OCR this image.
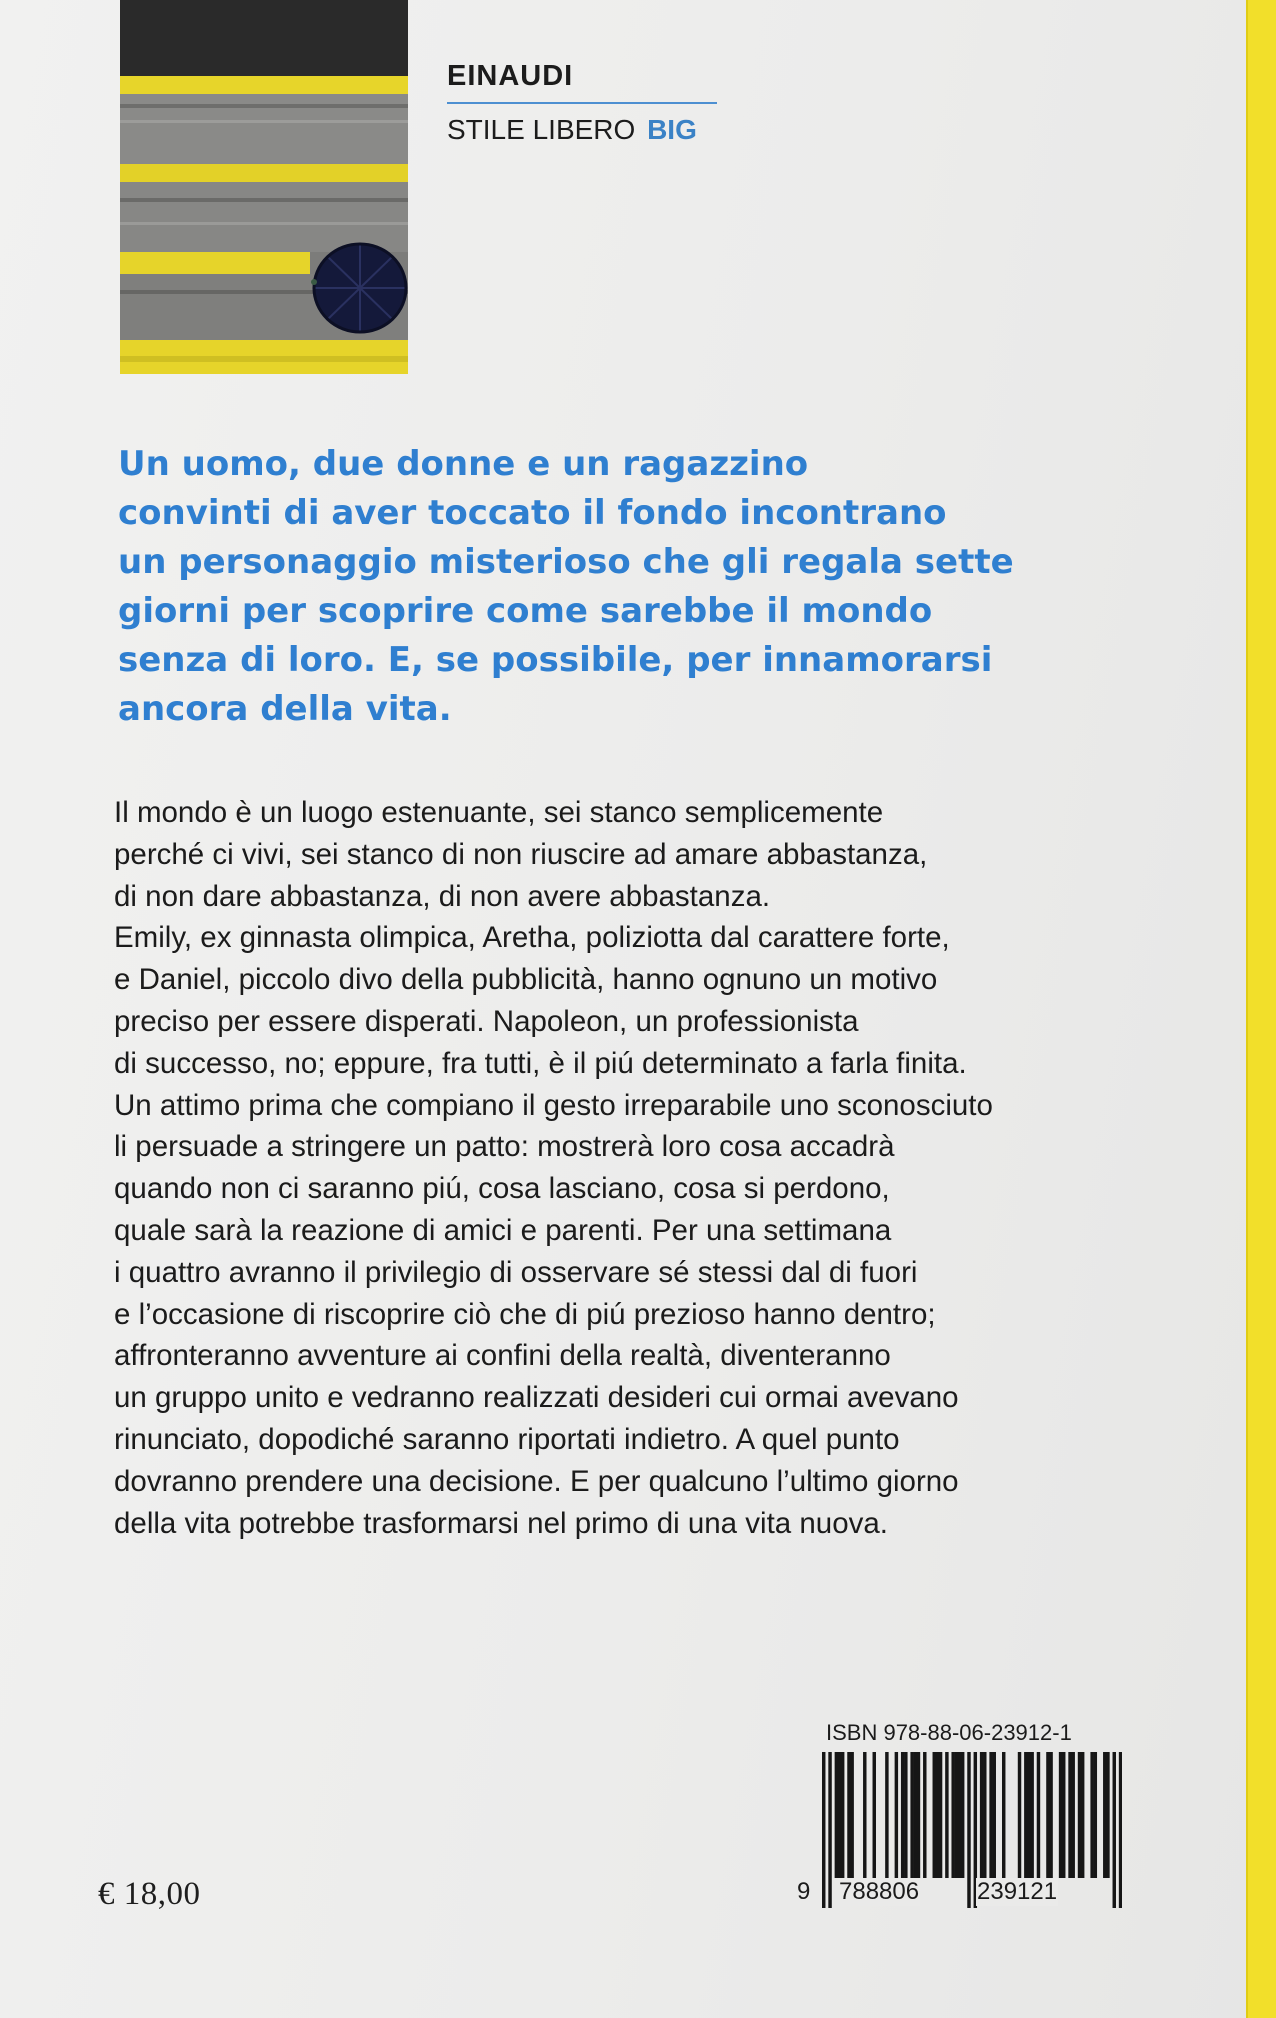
EINAUDI
STILE LIBERO BIG
Un uomo, due donne e un ragazzino
convinti di aver toccato il fondo incontrano
un personaggio misterioso che gli regala sette
giorni per scoprire come sarebbe il mondo
senza di loro. E, se possibile, per innamorarsi
ancora della vita.
Il mondo è un luogo estenuante, sei stanco semplicemente
perché ci vivi, sei stanco di non riuscire ad amare abbastanza,
di non dare abbastanza, di non avere abbastanza.
Emily, ex ginnasta olimpica, Aretha, poliziotta dal carattere forte,
e Daniel, piccolo divo della pubblicità, hanno ognuno un motivo
preciso per essere disperati. Napoleon, un professionista
di successo, no; eppure, fra tutti, è il piú determinato a farla finita.
Un attimo prima che compiano il gesto irreparabile uno sconosciuto
li persuade a stringere un patto: mostrerà loro cosa accadrà
quando non ci saranno piú, cosa lasciano, cosa si perdono,
quale sarà la reazione di amici e parenti. Per una settimana
i quattro avranno il privilegio di osservare sé stessi dal di fuori
e l’occasione di riscoprire ciò che di piú prezioso hanno dentro;
affronteranno avventure ai confini della realtà, diventeranno
un gruppo unito e vedranno realizzati desideri cui ormai avevano
rinunciato, dopodiché saranno riportati indietro. A quel punto
dovranno prendere una decisione. E per qualcuno l’ultimo giorno
della vita potrebbe trasformarsi nel primo di una vita nuova.
€ 18,00
ISBN 978-88-06-23912-1
9 788806 239121
